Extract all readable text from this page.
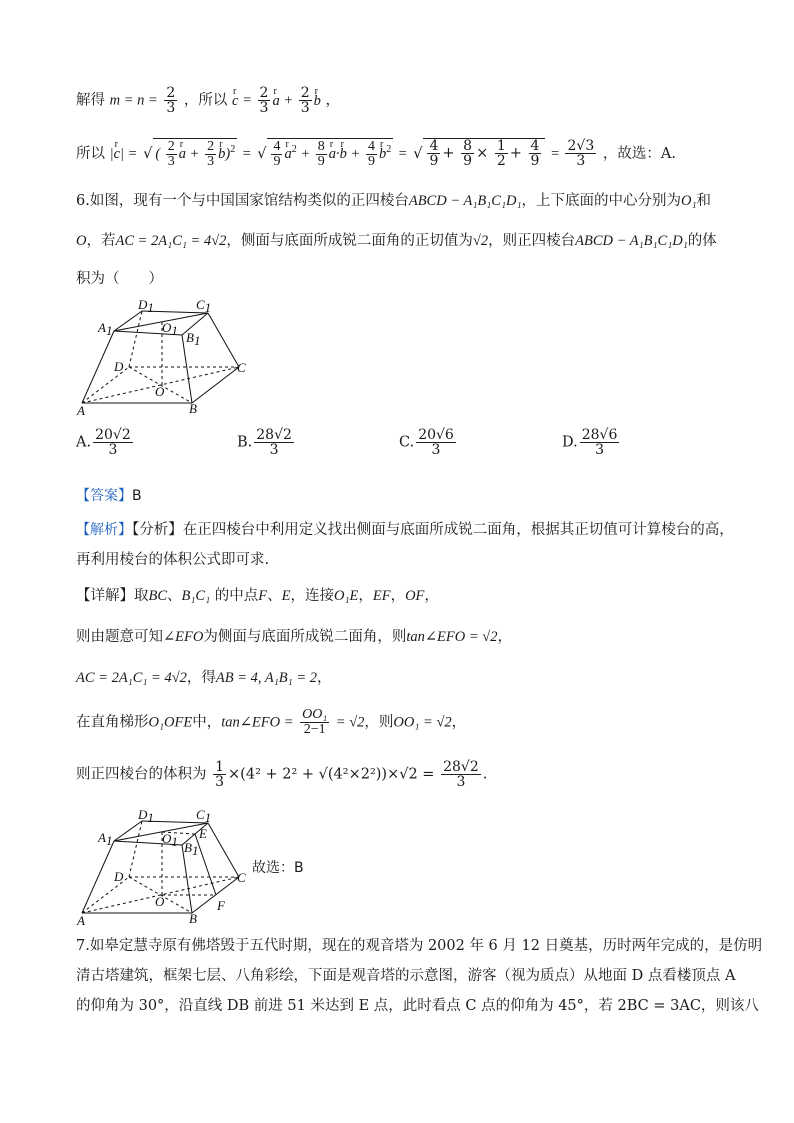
解得 $m = n = \frac{2}{3}$ ，所以 r $c = \frac{2}{3}$ r $a + \frac{2}{3}$ r b ，
所以 |r c| = √ ( $\frac{2}{3}$ r $a + \frac{2}{3}$ r b)$^2$ = √ $\frac{4}{9}$ r $a^2 + \frac{8}{9}$ r a·r $b + \frac{4}{9}$ r $b^2$ = √ $\frac{4}{9} + \frac{8}{9} \times \frac{1}{2} + \frac{4}{9} = \frac{2√3}{3}$ ，故选：A.
6.如图，现有一个与中国国家馆结构类似的正四棱台ABCD − A₁B₁C₁D₁，上下底面的中心分别为O₁和
O，若AC = 2A₁C₁ = 4√2，侧面与底面所成锐二面角的正切值为√2，则正四棱台ABCD − A₁B₁C₁D₁的体
积为（　　）
D1	C1
A1	O1 B1
D	C
A
O
B
A. $\frac{20√2}{3}$	B. $\frac{28√2}{3}$	C. $\frac{20√6}{3}$	D. $\frac{28√6}{3}$
【答案】B
【解析】【分析】在正四棱台中利用定义找出侧面与底面所成锐二面角，根据其正切值可计算棱台的高，
再利用棱台的体积公式即可求.
【详解】取BC、B₁C₁ 的中点F、E，连接O₁E，EF，OF，
则由题意可知∠EFO为侧面与底面所成锐二面角，则tan∠EFO = √2，
AC = 2A₁C₁ = 4√2，得AB = 4, A₁B₁ = 2，
在直角梯形O₁OFE中，tan∠EFO = $\frac{\text{OO₁}}{2-1} = √2$，则OO₁ = √2，
则正四棱台的体积为 $\frac{1}{3} \times(4^2 + 2^2 + √(4^2\times 2^2))\times√2 = \frac{28√2}{3}$ .
D1	C1
A1	O1 B1
E
D	C
A
O
B
F
故选：B
7.如皋定慧寺原有佛塔毁于五代时期，现在的观音塔为 2002 年 6 月 12 日奠基，历时两年完成的，是仿明
清古塔建筑，框架七层、八角彩绘，下面是观音塔的示意图，游客（视为质点）从地面 D 点看楼顶点 A
的仰角为 30°，沿直线 DB 前进 51 米达到 E 点，此时看点 C 点的仰角为 45°，若 2BC = 3AC，则该八
